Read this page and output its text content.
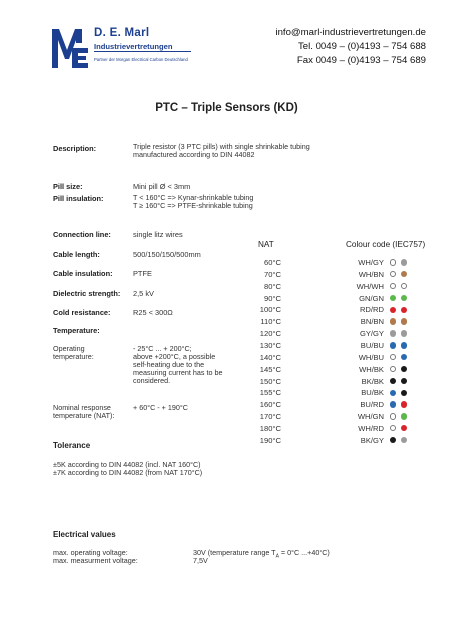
D. E. Marl
Industrievertretungen
Partner der Morgan Electrical Carbon Deutschland
info@marl-industrievertretungen.de
Tel. 0049 – (0)4193 – 754 688
Fax 0049 – (0)4193 – 754 689
PTC – Triple Sensors (KD)
Description:	Triple resistor (3 PTC pills) with single shrinkable tubing
manufactured according to DIN 44082
Pill size:	Mini pill Ø < 3mm
Pill insulation:	T < 160°C => Kynar-shrinkable tubing
T ≥ 160°C => PTFE-shrinkable tubing
Connection line:	single litz wires
Cable length:	500/150/150/500mm
Cable insulation:	PTFE
Dielectric strength: 2,5 kV
Cold resistance:	R25 < 300Ω
Temperature:
Operating
temperature:
- 25°C ... + 200°C;
above +200°C, a possible
self-heating due to the
measuring current has to be
considered.
Nominal response
temperature (NAT):
+ 60°C - + 190°C
Tolerance
±5K according to DIN 44082 (incl. NAT 160°C)
±7K according to DIN 44082 (from NAT 170°C)
NAT	Colour code (IEC757)
60°C	WH/GY
70°C	WH/BN
80°C	WH/WH
90°C	GN/GN
100°C	RD/RD
110°C	BN/BN
120°C	GY/GY
130°C	BU/BU
140°C	WH/BU
145°C	WH/BK
150°C	BK/BK
155°C	BU/BK
160°C	BU/RD
170°C	WH/GN
180°C	WH/RD
190°C	BK/GY
Electrical values
max. operating voltage:	30V (temperature range $T_A = 0^\circ C$ ...+40°C)
max. measurment voltage:	7,5V
